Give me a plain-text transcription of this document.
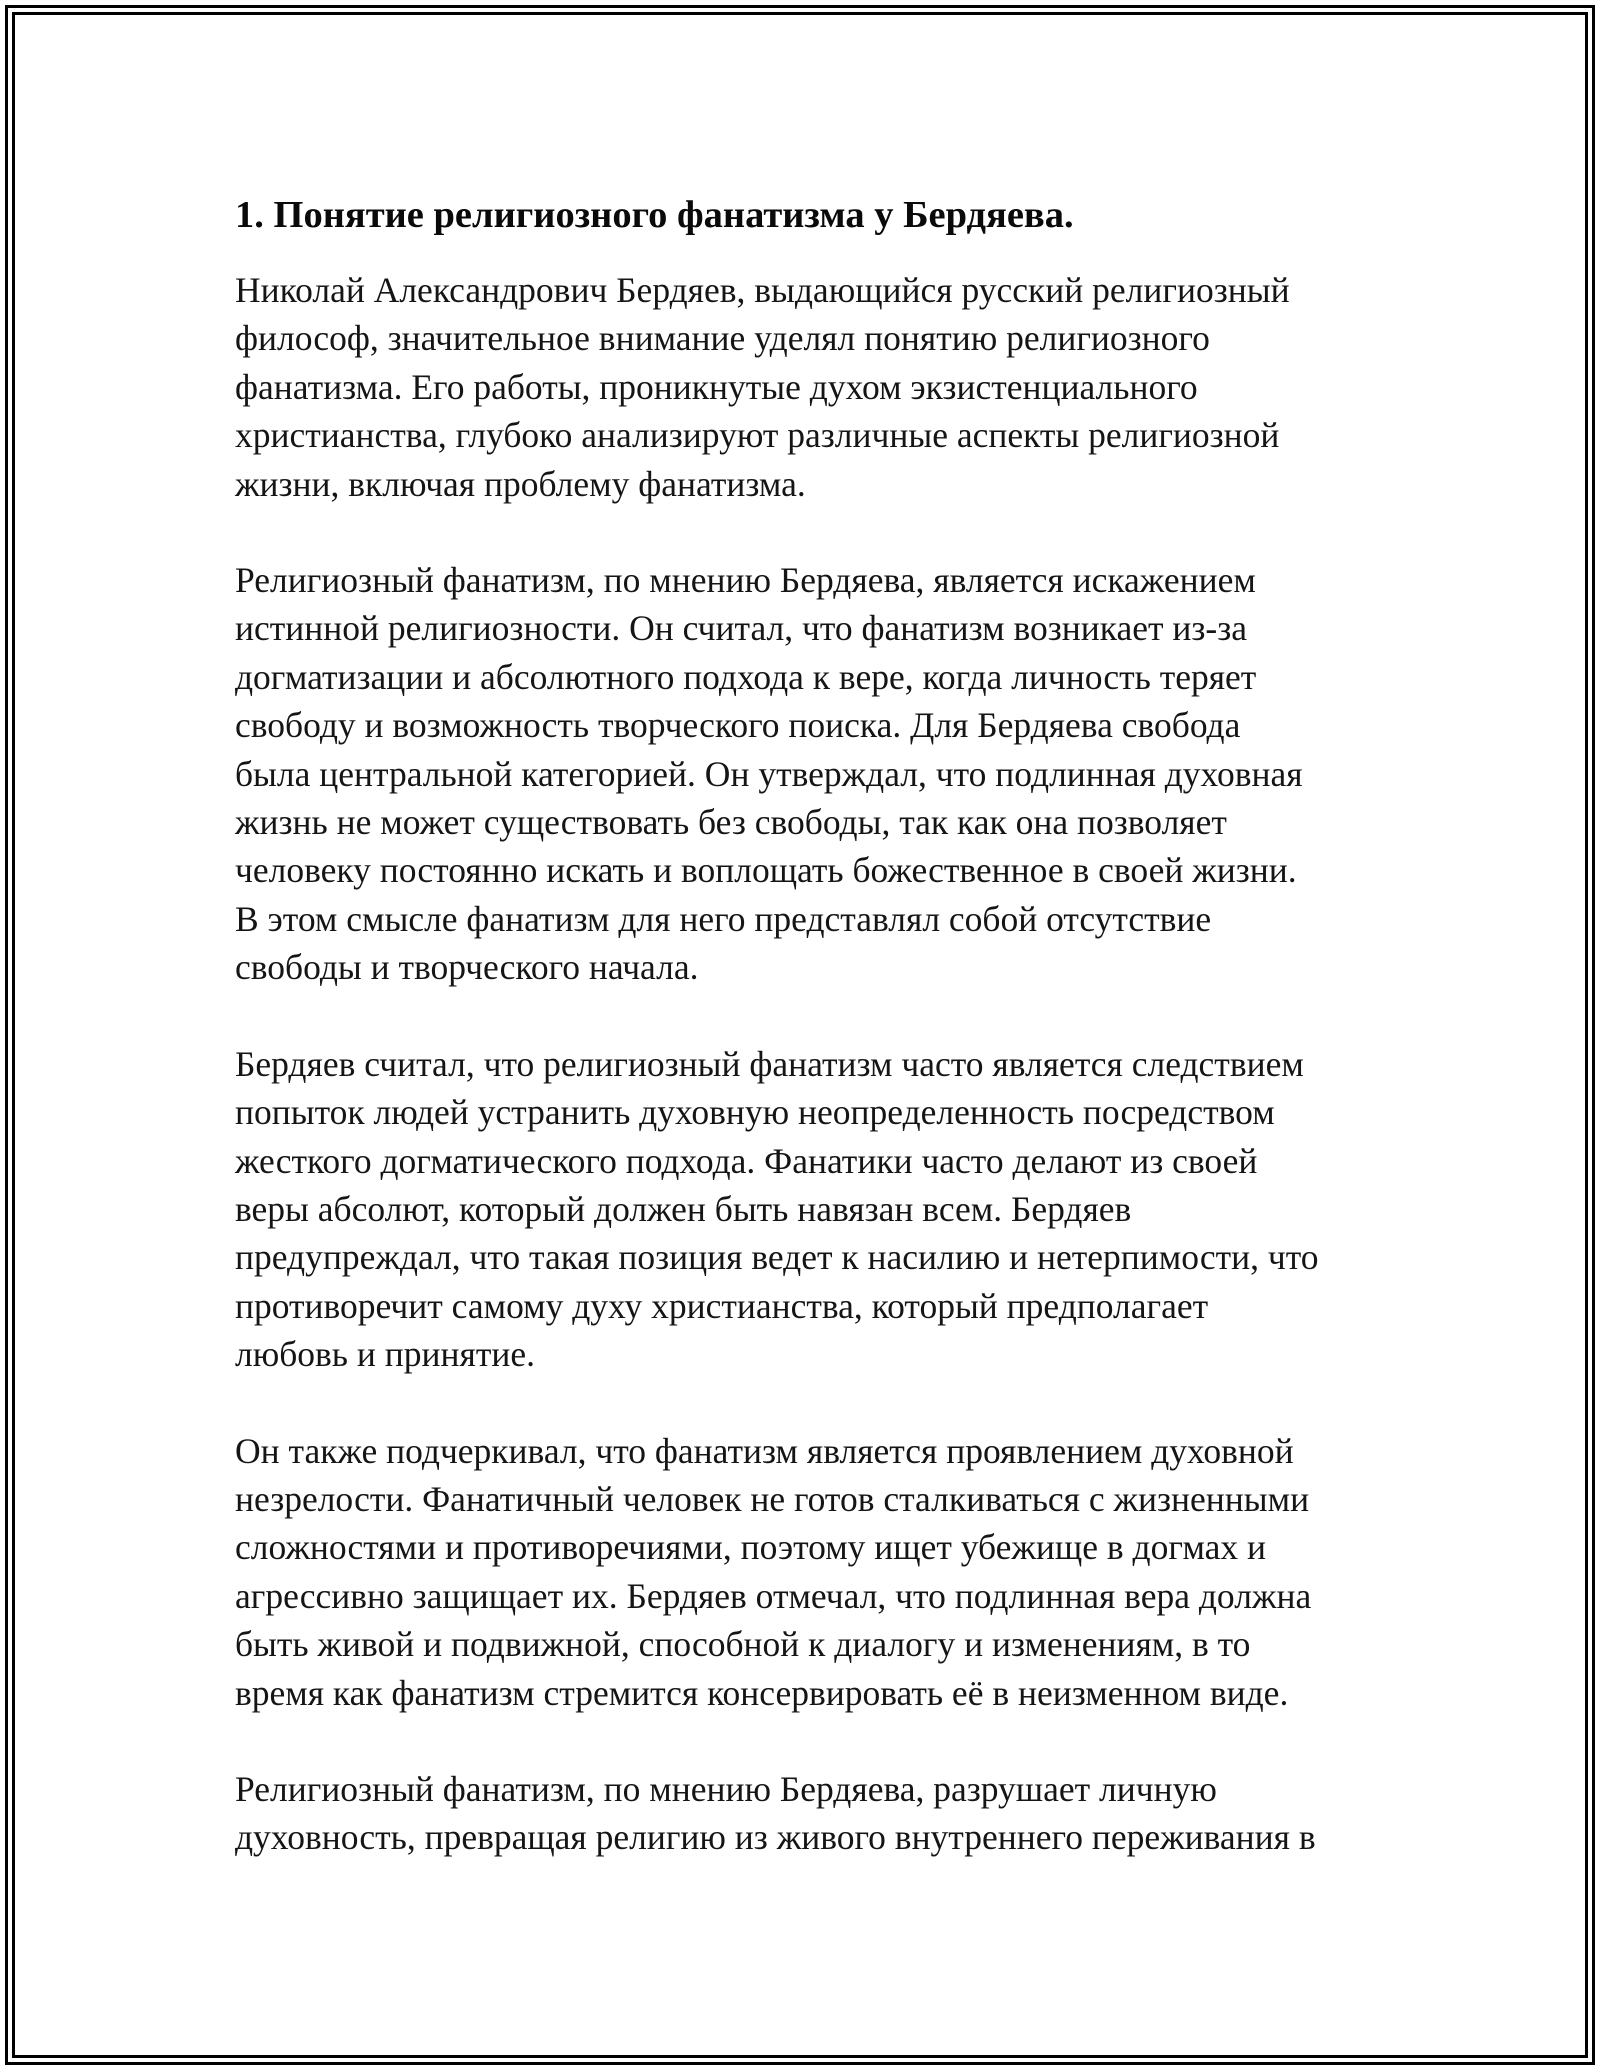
1. Понятие религиозного фанатизма у Бердяева.

Николай Александрович Бердяев, выдающийся русский религиозный
философ, значительное внимание уделял понятию религиозного
фанатизма. Его работы, проникнутые духом экзистенциального
христианства, глубоко анализируют различные аспекты религиозной
жизни, включая проблему фанатизма.

Религиозный фанатизм, по мнению Бердяева, является искажением
истинной религиозности. Он считал, что фанатизм возникает из-за
догматизации и абсолютного подхода к вере, когда личность теряет
свободу и возможность творческого поиска. Для Бердяева свобода
была центральной категорией. Он утверждал, что подлинная духовная
жизнь не может существовать без свободы, так как она позволяет
человеку постоянно искать и воплощать божественное в своей жизни.
В этом смысле фанатизм для него представлял собой отсутствие
свободы и творческого начала.

Бердяев считал, что религиозный фанатизм часто является следствием
попыток людей устранить духовную неопределенность посредством
жесткого догматического подхода. Фанатики часто делают из своей
веры абсолют, который должен быть навязан всем. Бердяев
предупреждал, что такая позиция ведет к насилию и нетерпимости, что
противоречит самому духу христианства, который предполагает
любовь и принятие.

Он также подчеркивал, что фанатизм является проявлением духовной
незрелости. Фанатичный человек не готов сталкиваться с жизненными
сложностями и противоречиями, поэтому ищет убежище в догмах и
агрессивно защищает их. Бердяев отмечал, что подлинная вера должна
быть живой и подвижной, способной к диалогу и изменениям, в то
время как фанатизм стремится консервировать её в неизменном виде.

Религиозный фанатизм, по мнению Бердяева, разрушает личную
духовность, превращая религию из живого внутреннего переживания в
